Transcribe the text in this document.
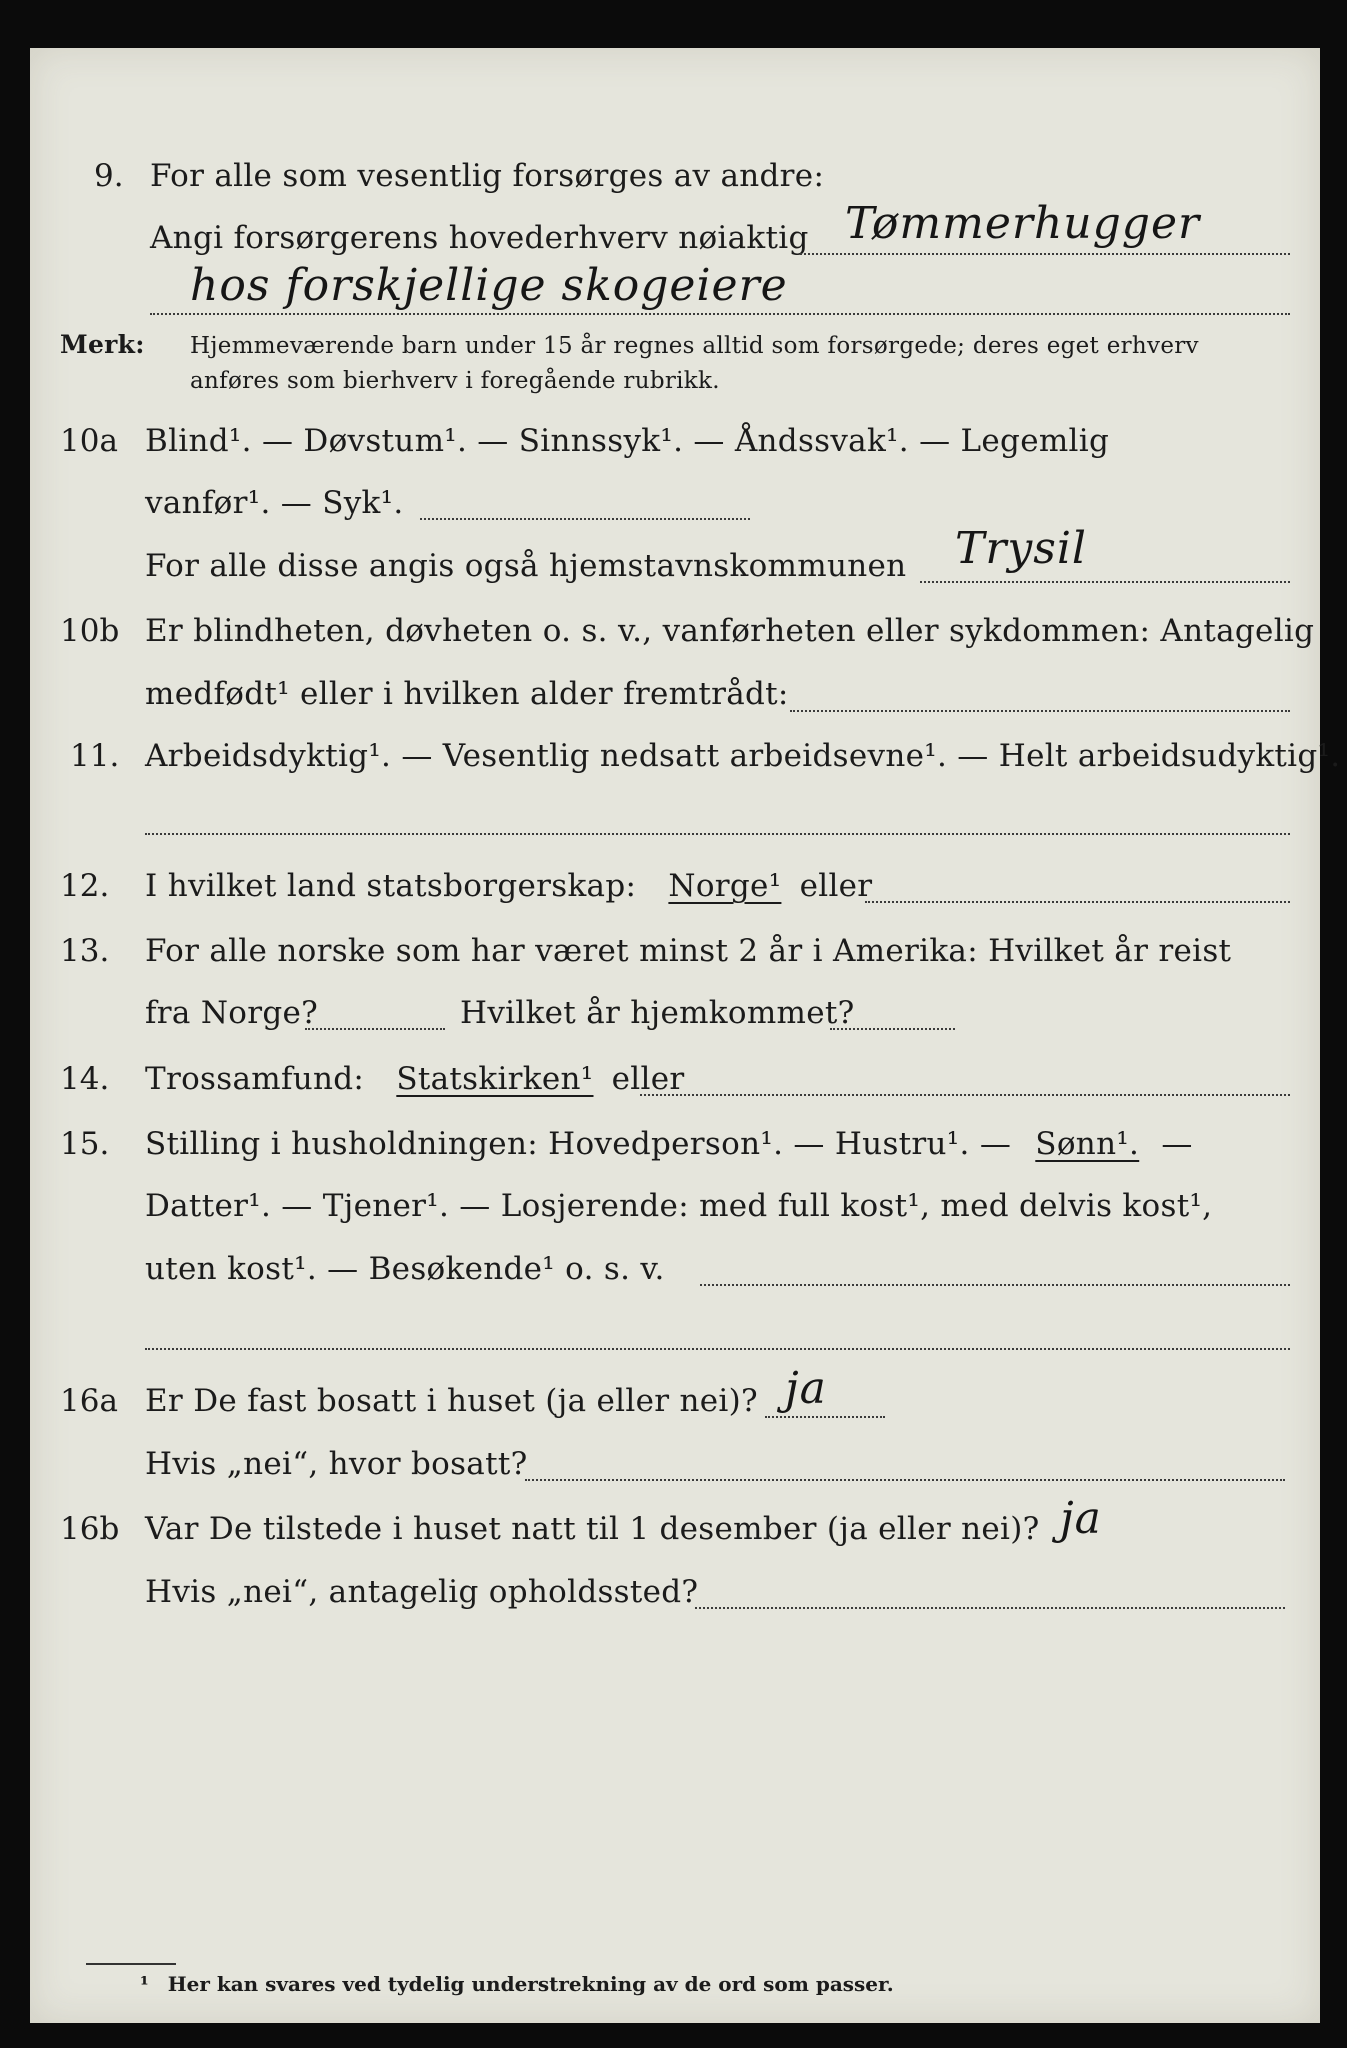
9. For alle som vesentlig forsørges av andre:
Angi forsørgerens hovederhverv nøiaktig Tømmerhugger
hos forskjellige skogeiere
Merk: Hjemmeværende barn under 15 år regnes alltid som forsørgede; deres eget erhverv
anføres som bierhverv i foregående rubrikk.
10a Blind¹. — Døvstum¹. — Sinnssyk¹. — Åndssvak¹. — Legemlig
vanfør¹. — Syk¹.
For alle disse angis også hjemstavnskommunen Trysil
10b Er blindheten, døvheten o. s. v., vanførheten eller sykdommen: Antagelig
medfødt¹ eller i hvilken alder fremtrådt:
11. Arbeidsdyktig¹. — Vesentlig nedsatt arbeidsevne¹. — Helt arbeidsudyktig¹.
12. I hvilket land statsborgerskap: Norge¹ eller
13. For alle norske som har været minst 2 år i Amerika: Hvilket år reist
fra Norge?	Hvilket år hjemkommet?
14. Trossamfund: Statskirken¹ eller
15. Stilling i husholdningen: Hovedperson¹. — Hustru¹. — Sønn¹. —
Datter¹. — Tjener¹. — Losjerende: med full kost¹, med delvis kost¹,
uten kost¹. — Besøkende¹ o. s. v.
16a Er De fast bosatt i huset (ja eller nei)? ja
Hvis „nei“, hvor bosatt?
16b Var De tilstede i huset natt til 1 desember (ja eller nei)? ja
Hvis „nei“, antagelig opholdssted?
¹ Her kan svares ved tydelig understrekning av de ord som passer.
